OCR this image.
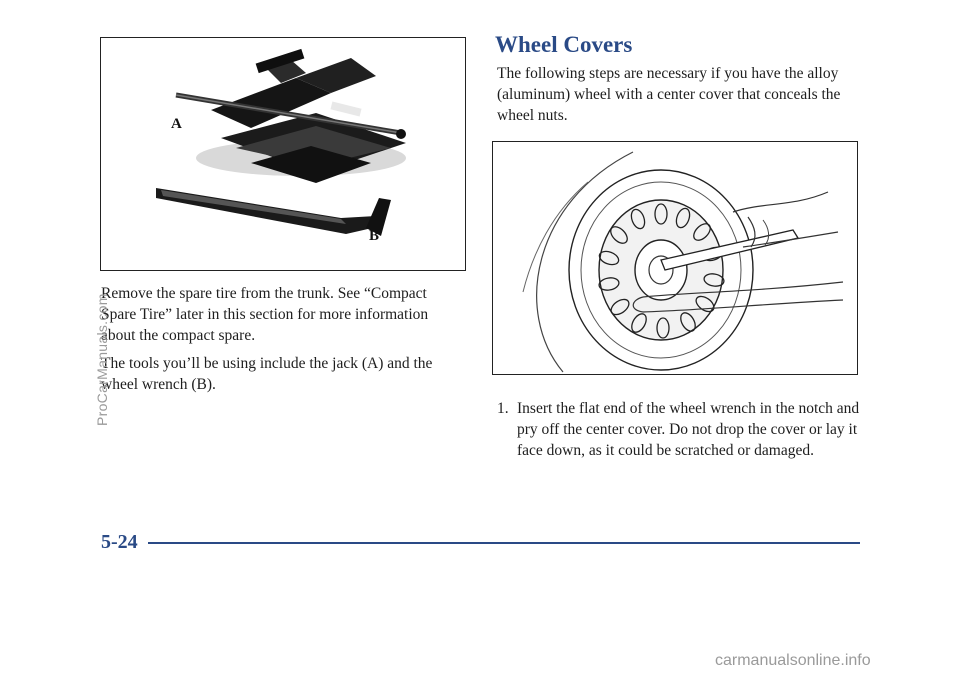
A
B
Remove the spare tire from the trunk. See “Compact Spare Tire” later in this section for more information about the compact spare.
The tools you’ll be using include the jack (A) and the wheel wrench (B).
Wheel Covers
The following steps are necessary if you have the alloy (aluminum) wheel with a center cover that conceals the wheel nuts.
1. Insert the flat end of the wheel wrench in the notch and pry off the center cover. Do not drop the cover or lay it face down, as it could be scratched or damaged.
5-24
ProCarManuals.com
carmanualsonline.info
